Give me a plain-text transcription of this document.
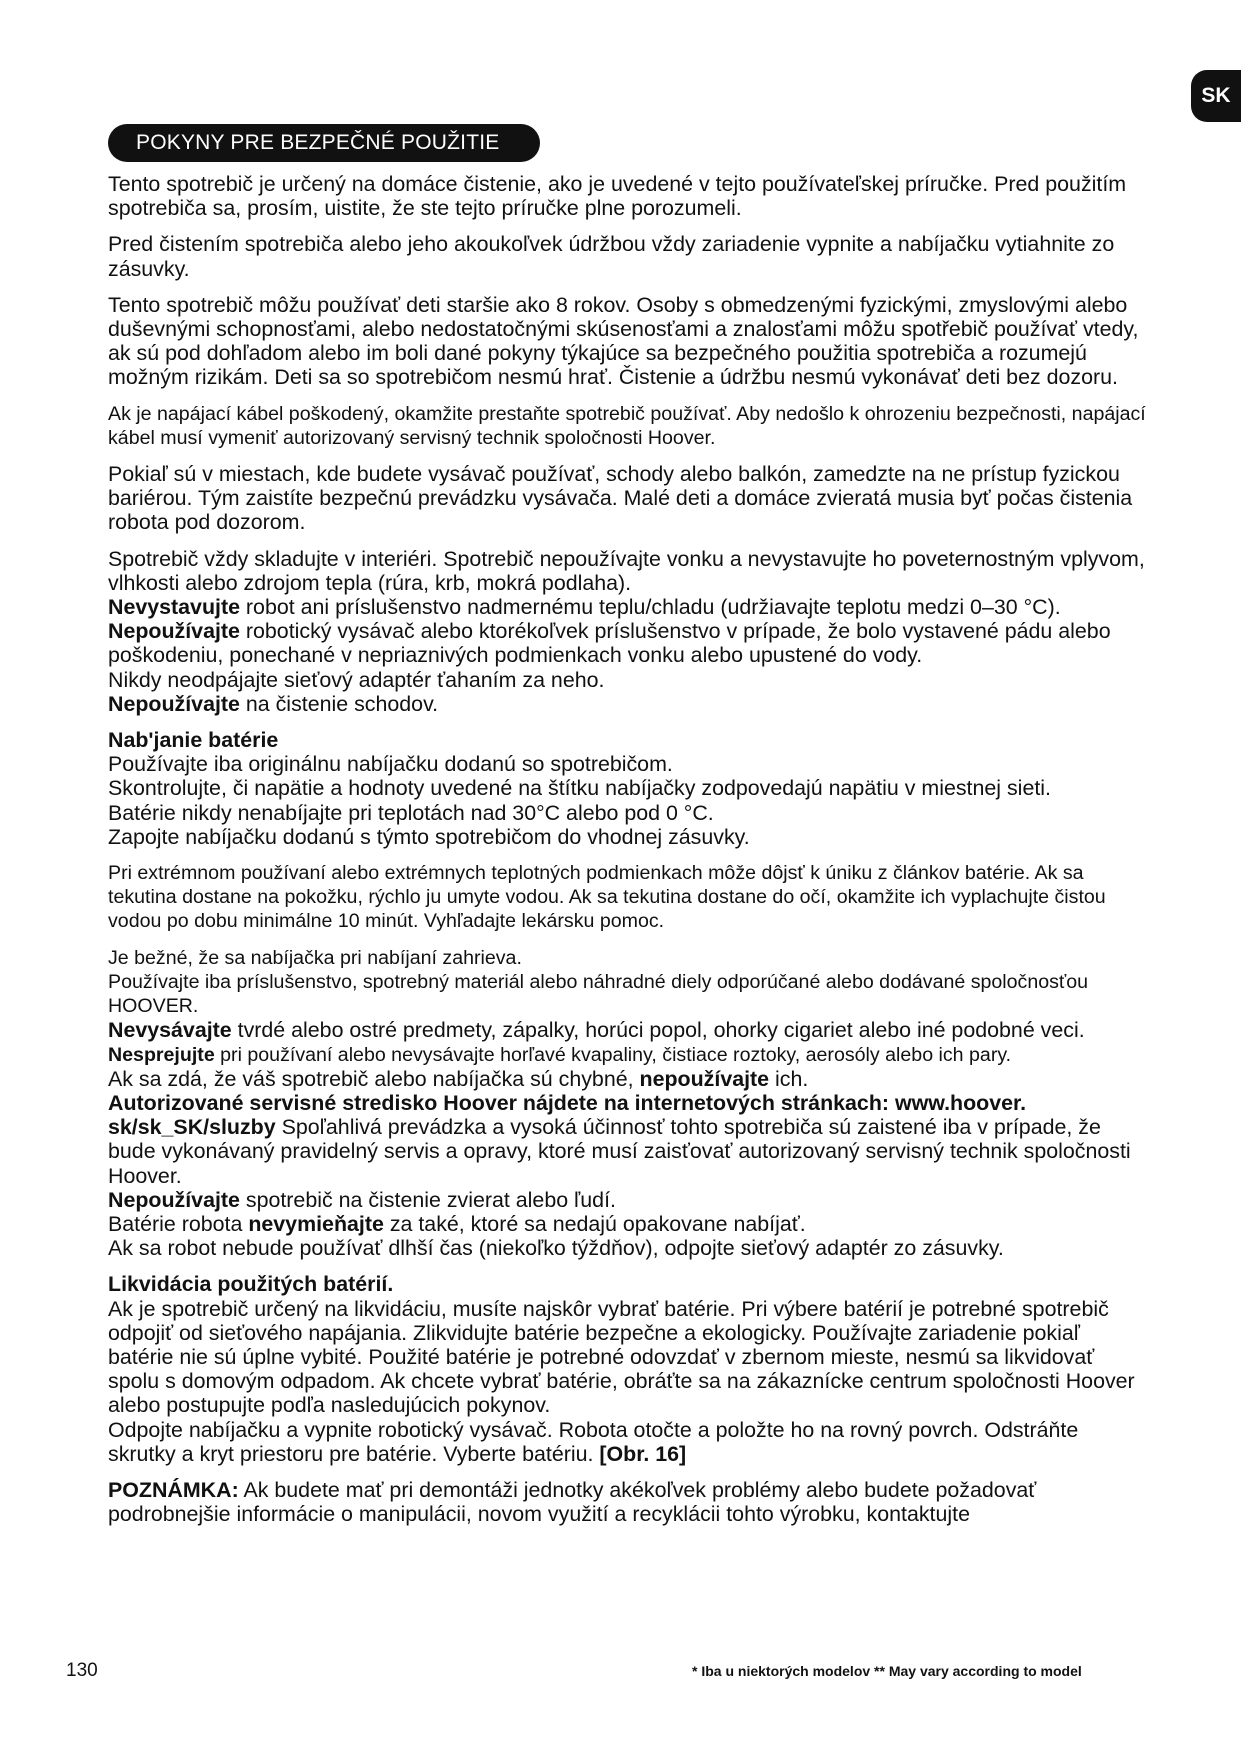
SK
POKYNY PRE BEZPEČNÉ POUŽITIE

Tento spotrebič je určený na domáce čistenie, ako je uvedené v tejto používateľskej príručke. Pred použitím spotrebiča sa, prosím, uistite, že ste tejto príručke plne porozumeli.

Pred čistením spotrebiča alebo jeho akoukoľvek údržbou vždy zariadenie vypnite a nabíjačku vytiahnite zo zásuvky.

Tento spotrebič môžu používať deti staršie ako 8 rokov. Osoby s obmedzenými fyzickými, zmyslovými alebo duševnými schopnosťami, alebo nedostatočnými skúsenosťami a znalosťami môžu spotřebič používať vtedy, ak sú pod dohľadom alebo im boli dané pokyny týkajúce sa bezpečného použitia spotrebiča a rozumejú možným rizikám. Deti sa so spotrebičom nesmú hrať. Čistenie a údržbu nesmú vykonávať deti bez dozoru.

Ak je napájací kábel poškodený, okamžite prestaňte spotrebič používať. Aby nedošlo k ohrozeniu bezpečnosti, napájací kábel musí vymeniť autorizovaný servisný technik spoločnosti Hoover.

Pokiaľ sú v miestach, kde budete vysávač používať, schody alebo balkón, zamedzte na ne prístup fyzickou bariérou. Tým zaistíte bezpečnú prevádzku vysávača. Malé deti a domáce zvieratá musia byť počas čistenia robota pod dozorom.

Spotrebič vždy skladujte v interiéri. Spotrebič nepoužívajte vonku a nevystavujte ho poveternostným vplyvom, vlhkosti alebo zdrojom tepla (rúra, krb, mokrá podlaha).

Nevystavujte robot ani príslušenstvo nadmernému teplu/chladu (udržiavajte teplotu medzi 0–30 °C).

Nepoužívajte robotický vysávač alebo ktorékoľvek príslušenstvo v prípade, že bolo vystavené pádu alebo poškodeniu, ponechané v nepriaznivých podmienkach vonku alebo upustené do vody.

Nikdy neodpájajte sieťový adaptér ťahaním za neho.

Nepoužívajte na čistenie schodov.

Nab'janie batérie

Používajte iba originálnu nabíjačku dodanú so spotrebičom.

Skontrolujte, či napätie a hodnoty uvedené na štítku nabíjačky zodpovedajú napätiu v miestnej sieti.

Batérie nikdy nenabíjajte pri teplotách nad 30°C alebo pod 0 °C.

Zapojte nabíjačku dodanú s týmto spotrebičom do vhodnej zásuvky.

Pri extrémnom používaní alebo extrémnych teplotných podmienkach môže dôjsť k úniku z článkov batérie. Ak sa tekutina dostane na pokožku, rýchlo ju umyte vodou. Ak sa tekutina dostane do očí, okamžite ich vyplachujte čistou vodou po dobu minimálne 10 minút. Vyhľadajte lekársku pomoc.

Je bežné, že sa nabíjačka pri nabíjaní zahrieva.

Používajte iba príslušenstvo, spotrebný materiál alebo náhradné diely odporúčané alebo dodávané spoločnosťou HOOVER.

Nevysávajte tvrdé alebo ostré predmety, zápalky, horúci popol, ohorky cigariet alebo iné podobné veci.

Nesprejujte pri používaní alebo nevysávajte horľavé kvapaliny, čistiace roztoky, aerosóly alebo ich pary.

Ak sa zdá, že váš spotrebič alebo nabíjačka sú chybné, nepoužívajte ich.

Autorizované servisné stredisko Hoover nájdete na internetových stránkach: www.hoover. sk/sk_SK/sluzby Spoľahlivá prevádzka a vysoká účinnosť tohto spotrebiča sú zaistené iba v prípade, že bude vykonávaný pravidelný servis a opravy, ktoré musí zaisťovať autorizovaný servisný technik spoločnosti Hoover.

Nepoužívajte spotrebič na čistenie zvierat alebo ľudí.

Batérie robota nevymieňajte za také, ktoré sa nedajú opakovane nabíjať.

Ak sa robot nebude používať dlhší čas (niekoľko týždňov), odpojte sieťový adaptér zo zásuvky.

Likvidácia použitých batérií.

Ak je spotrebič určený na likvidáciu, musíte najskôr vybrať batérie. Pri výbere batérií je potrebné spotrebič odpojiť od sieťového napájania. Zlikvidujte batérie bezpečne a ekologicky. Používajte zariadenie pokiaľ batérie nie sú úplne vybité. Použité batérie je potrebné odovzdať v zbernom mieste, nesmú sa likvidovať spolu s domovým odpadom. Ak chcete vybrať batérie, obráťte sa na zákaznícke centrum spoločnosti Hoover alebo postupujte podľa nasledujúcich pokynov.

Odpojte nabíjačku a vypnite robotický vysávač. Robota otočte a položte ho na rovný povrch. Odstráňte skrutky a kryt priestoru pre batérie. Vyberte batériu. [Obr. 16]

POZNÁMKA: Ak budete mať pri demontáži jednotky akékoľvek problémy alebo budete požadovať podrobnejšie informácie o manipulácii, novom využití a recyklácii tohto výrobku, kontaktujte

130	* Iba u niektorých modelov ** May vary according to model
